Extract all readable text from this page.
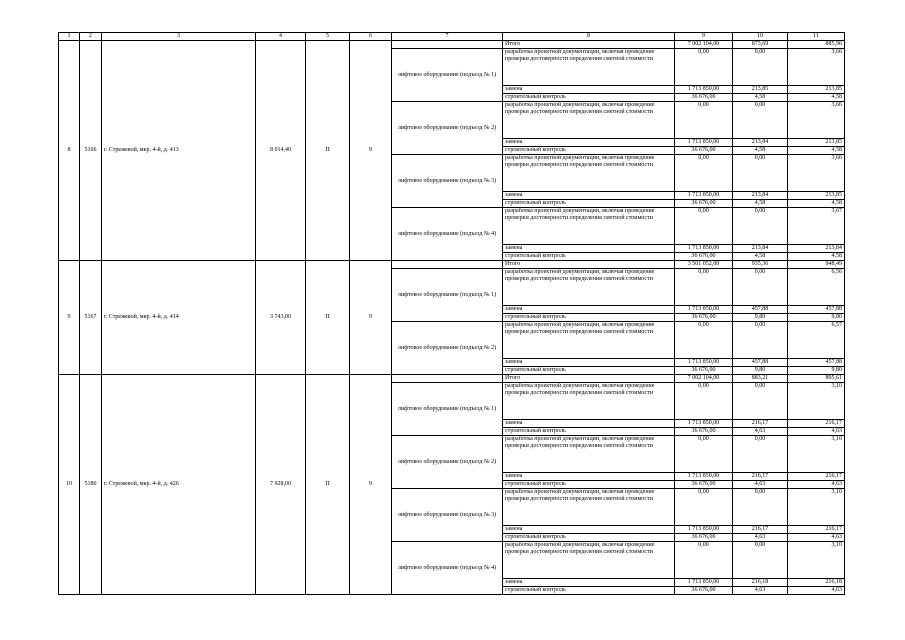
1	2	3	4	5	6	7	8	9	10	11
8	5166	г. Стрежевой, мкр. 4-й, д. 413	8 014,40	П	9		Итого	7 002 104,00	873,69	885,96
						лифтовое оборудование (подъезд № 1)	разработка проектной документации, включая проведение проверки достоверности определения сметной стоимости	0,00	0,00	3,66
							замена	1 713 850,00	213,85	213,85
							строительный контроль	36 676,00	4,58	4,58
						лифтовое оборудование (подъезд № 2)	разработка проектной документации, включая проведение проверки достоверности определения сметной стоимости	0,00	0,00	3,66
							замена	1 713 850,00	213,84	213,85
							строительный контроль	36 676,00	4,58	4,58
						лифтовое оборудование (подъезд № 3)	разработка проектной документации, включая проведение проверки достоверности определения сметной стоимости	0,00	0,00	3,66
							замена	1 713 850,00	213,84	213,85
							строительный контроль	36 676,00	4,58	4,58
						лифтовое оборудование (подъезд № 4)	разработка проектной документации, включая проведение проверки достоверности определения сметной стоимости	0,00	0,00	3,67
							замена	1 713 850,00	213,84	213,84
							строительный контроль	36 676,00	4,58	4,58
9	5167	г. Стрежевой, мкр. 4-й, д. 414	3 743,00	П	9		Итого	3 501 052,00	935,36	948,49
						лифтовое оборудование (подъезд № 1)	разработка проектной документации, включая проведение проверки достоверности определения сметной стоимости	0,00	0,00	6,56
							замена	1 713 850,00	457,88	457,88
							строительный контроль	36 676,00	9,80	9,80
						лифтовое оборудование (подъезд № 2)	разработка проектной документации, включая проведение проверки достоверности определения сметной стоимости	0,00	0,00	6,57
							замена	1 713 850,00	457,88	457,88
							строительный контроль	36 676,00	9,80	9,80
10	5180	г. Стрежевой, мкр. 4-й, д. 426	7 928,00	П	9		Итого	7 002 104,00	883,21	895,61
						лифтовое оборудование (подъезд № 1)	разработка проектной документации, включая проведение проверки достоверности определения сметной стоимости	0,00	0,00	3,10
							замена	1 713 850,00	216,17	216,17
							строительный контроль	36 676,00	4,63	4,63
						лифтовое оборудование (подъезд № 2)	разработка проектной документации, включая проведение проверки достоверности определения сметной стоимости	0,00	0,00	3,10
							замена	1 713 850,00	216,17	216,17
							строительный контроль	36 676,00	4,63	4,63
						лифтовое оборудование (подъезд № 3)	разработка проектной документации, включая проведение проверки достоверности определения сметной стоимости	0,00	0,00	3,10
							замена	1 713 850,00	216,17	216,17
							строительный контроль	36 676,00	4,63	4,63
						лифтовое оборудование (подъезд № 4)	разработка проектной документации, включая проведение проверки достоверности определения сметной стоимости	0,00	0,00	3,10
							замена	1 713 850,00	216,18	216,18
							строительный контроль	36 676,00	4,63	4,63
